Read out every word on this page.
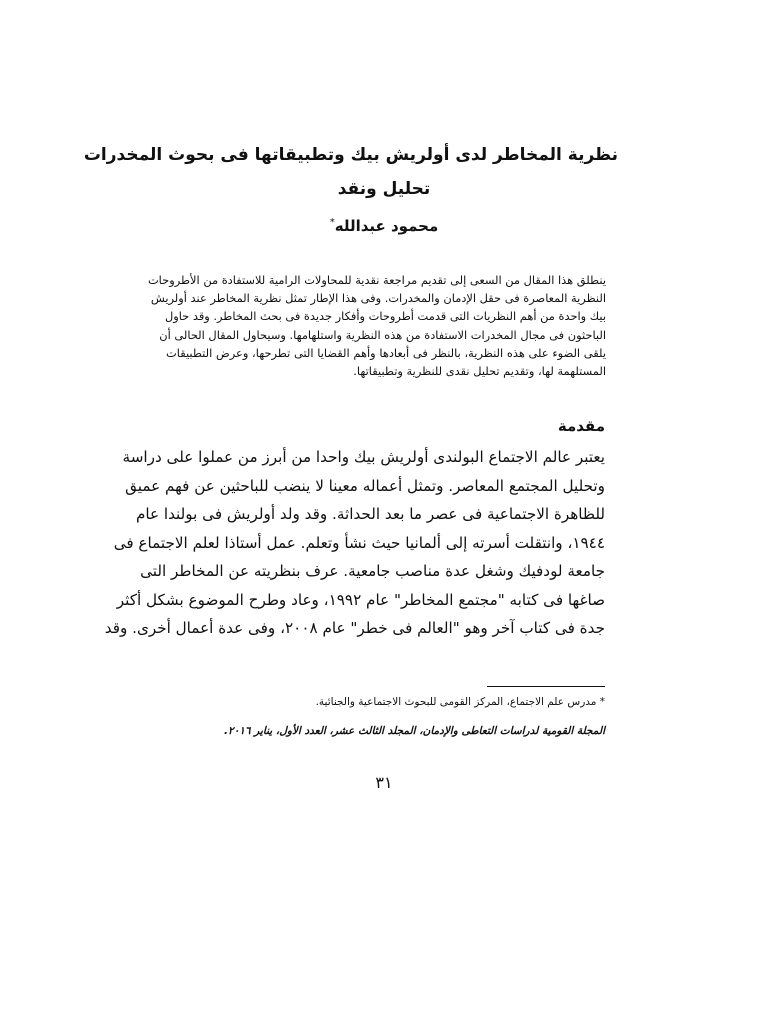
نظرية المخاطر لدى أولريش بيك وتطبيقاتها فى بحوث المخدرات
تحليل ونقد
محمود عبدالله*
ينطلق هذا المقال من السعى إلى تقديم مراجعة نقدية للمحاولات الرامية للاستفادة من الأطروحات
النظرية المعاصرة فى حقل الإدمان والمخدرات. وفى هذا الإطار تمثل نظرية المخاطر عند أولريش
بيك واحدة من أهم النظريات التى قدمت أطروحات وأفكار جديدة فى بحث المخاطر. وقد حاول
الباحثون فى مجال المخدرات الاستفادة من هذه النظرية واستلهامها. وسيحاول المقال الحالى أن
يلقى الضوء على هذه النظرية، بالنظر فى أبعادها وأهم القضايا التى تطرحها، وعرض التطبيقات
المستلهمة لها، وتقديم تحليل نقدى للنظرية وتطبيقاتها.
مقدمة
يعتبر عالم الاجتماع البولندى أولريش بيك واحدا من أبرز من عملوا على دراسة
وتحليل المجتمع المعاصر. وتمثل أعماله معينا لا ينضب للباحثين عن فهم عميق
للظاهرة الاجتماعية فى عصر ما بعد الحداثة. وقد ولد أولريش فى بولندا عام
١٩٤٤، وانتقلت أسرته إلى ألمانيا حيث نشأ وتعلم. عمل أستاذا لعلم الاجتماع فى
جامعة لودفيك وشغل عدة مناصب جامعية. عرف بنظريته عن المخاطر التى
صاغها فى كتابه "مجتمع المخاطر" عام ١٩٩٢، وعاد وطرح الموضوع بشكل أكثر
جدة فى كتاب آخر وهو "العالم فى خطر" عام ٢٠٠٨، وفى عدة أعمال أخرى. وقد
* مدرس علم الاجتماع، المركز القومى للبحوث الاجتماعية والجنائية.
المجلة القومية لدراسات التعاطى والإدمان، المجلد الثالث عشر، العدد الأول، يناير ٢٠١٦.
٣١
